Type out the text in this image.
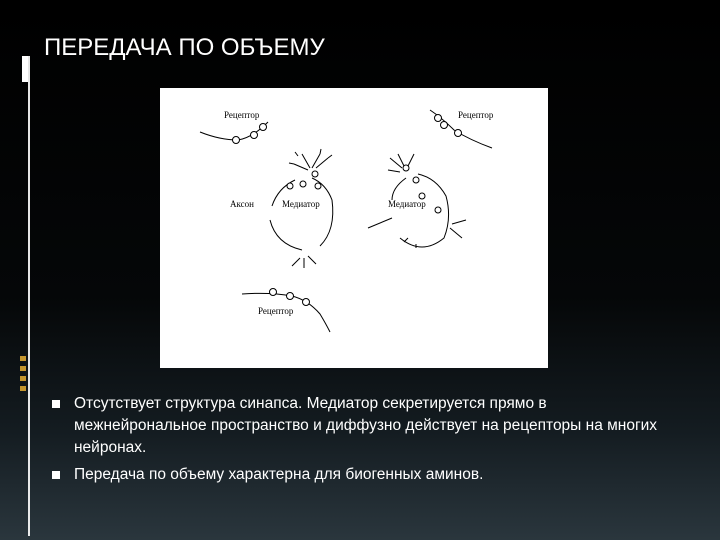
ПЕРЕДАЧА ПО ОБЪЕМУ
Рецептор	Рецептор
Аксон	Медиатор	Медиатор
Рецептор
Отсутствует структура синапса. Медиатор секретируется прямо в межнейрональное пространство и диффузно действует на рецепторы на многих нейронах.
Передача по объему характерна для биогенных аминов.
